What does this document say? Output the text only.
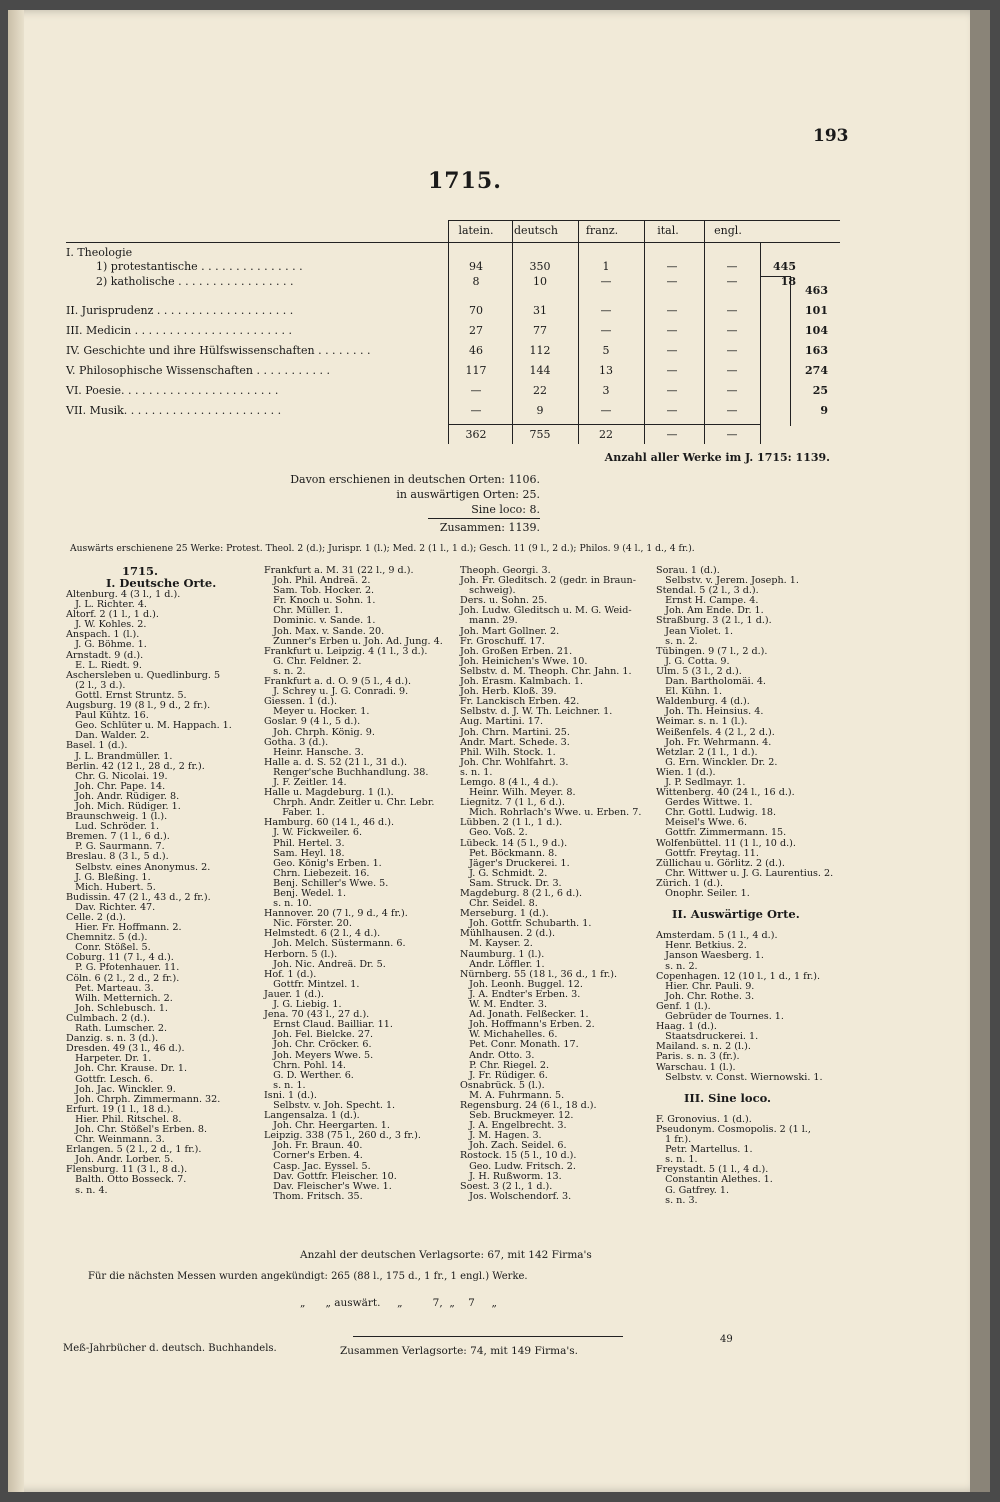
193
1715.
latein.	deutsch	franz.	ital.	engl.
I. Theologie
1) protestantische . . . . . . . . . . . . . . .	94	350	1	—	—	445
2) katholische . . . . . . . . . . . . . . . . .	8	10	—	—	—	18
463
II. Jurisprudenz . . . . . . . . . . . . . . . . . . . .	70	31	—	—	—	101
III. Medicin . . . . . . . . . . . . . . . . . . . . . . .	27	77	—	—	—	104
IV. Geschichte und ihre Hülfswissenschaften . . . . . . . .	46	112	5	—	—	163
V. Philosophische Wissenschaften . . . . . . . . . . .	117	144	13	—	—	274
VI. Poesie. . . . . . . . . . . . . . . . . . . . . . .	—	22	3	—	—	25
VII. Musik. . . . . . . . . . . . . . . . . . . . . . .	—	9	—	—	—	9
362	755	22	—	—
Anzahl aller Werke im J. 1715: 1139.
Davon erschienen in deutschen Orten: 1106.
in auswärtigen Orten: 25.
Sine loco: 8.
Zusammen: 1139.
Auswärts erschienene 25 Werke: Protest. Theol. 2 (d.); Jurispr. 1 (l.); Med. 2 (1 l., 1 d.); Gesch. 11 (9 l., 2 d.); Philos. 9 (4 l., 1 d., 4 fr.).
1715.
I. Deutsche Orte.
Altenburg. 4 (3 l., 1 d.).
J. L. Richter. 4.
Altorf. 2 (1 l., 1 d.).
J. W. Kohles. 2.
Anspach. 1 (l.).
J. G. Böhme. 1.
Arnstadt. 9 (d.).
E. L. Riedt. 9.
Aschersleben u. Quedlinburg. 5
(2 l., 3 d.).
Gottl. Ernst Struntz. 5.
Augsburg. 19 (8 l., 9 d., 2 fr.).
Paul Kühtz. 16.
Geo. Schlüter u. M. Happach. 1.
Dan. Walder. 2.
Basel. 1 (d.).
J. L. Brandmüller. 1.
Berlin. 42 (12 l., 28 d., 2 fr.).
Chr. G. Nicolai. 19.
Joh. Chr. Pape. 14.
Joh. Andr. Rüdiger. 8.
Joh. Mich. Rüdiger. 1.
Braunschweig. 1 (l.).
Lud. Schröder. 1.
Bremen. 7 (1 l., 6 d.).
P. G. Saurmann. 7.
Breslau. 8 (3 l., 5 d.).
Selbstv. eines Anonymus. 2.
J. G. Bleßing. 1.
Mich. Hubert. 5.
Budissin. 47 (2 l., 43 d., 2 fr.).
Dav. Richter. 47.
Celle. 2 (d.).
Hier. Fr. Hoffmann. 2.
Chemnitz. 5 (d.).
Conr. Stößel. 5.
Coburg. 11 (7 l., 4 d.).
P. G. Pfotenhauer. 11.
Cöln. 6 (2 l., 2 d., 2 fr.).
Pet. Marteau. 3.
Wilh. Metternich. 2.
Joh. Schlebusch. 1.
Culmbach. 2 (d.).
Rath. Lumscher. 2.
Danzig. s. n. 3 (d.).
Dresden. 49 (3 l., 46 d.).
Harpeter. Dr. 1.
Joh. Chr. Krause. Dr. 1.
Gottfr. Lesch. 6.
Joh. Jac. Winckler. 9.
Joh. Chrph. Zimmermann. 32.
Erfurt. 19 (1 l., 18 d.).
Hier. Phil. Ritschel. 8.
Joh. Chr. Stößel's Erben. 8.
Chr. Weinmann. 3.
Erlangen. 5 (2 l., 2 d., 1 fr.).
Joh. Andr. Lorber. 5.
Flensburg. 11 (3 l., 8 d.).
Balth. Otto Bosseck. 7.
s. n. 4.
Frankfurt a. M. 31 (22 l., 9 d.).
Joh. Phil. Andreä. 2.
Sam. Tob. Hocker. 2.
Fr. Knoch u. Sohn. 1.
Chr. Müller. 1.
Dominic. v. Sande. 1.
Joh. Max. v. Sande. 20.
Zunner's Erben u. Joh. Ad. Jung. 4.
Frankfurt u. Leipzig. 4 (1 l., 3 d.).
G. Chr. Feldner. 2.
s. n. 2.
Frankfurt a. d. O. 9 (5 l., 4 d.).
J. Schrey u. J. G. Conradi. 9.
Giessen. 1 (d.).
Meyer u. Hocker. 1.
Goslar. 9 (4 l., 5 d.).
Joh. Chrph. König. 9.
Gotha. 3 (d.).
Heinr. Hansche. 3.
Halle a. d. S. 52 (21 l., 31 d.).
Renger'sche Buchhandlung. 38.
J. F. Zeitler. 14.
Halle u. Magdeburg. 1 (l.).
Chrph. Andr. Zeitler u. Chr. Lebr.
Faber. 1.
Hamburg. 60 (14 l., 46 d.).
J. W. Fickweiler. 6.
Phil. Hertel. 3.
Sam. Heyl. 18.
Geo. König's Erben. 1.
Chrn. Liebezeit. 16.
Benj. Schiller's Wwe. 5.
Benj. Wedel. 1.
s. n. 10.
Hannover. 20 (7 l., 9 d., 4 fr.).
Nic. Förster. 20.
Helmstedt. 6 (2 l., 4 d.).
Joh. Melch. Süstermann. 6.
Herborn. 5 (l.).
Joh. Nic. Andreä. Dr. 5.
Hof. 1 (d.).
Gottfr. Mintzel. 1.
Jauer. 1 (d.).
J. G. Liebig. 1.
Jena. 70 (43 l., 27 d.).
Ernst Claud. Bailliar. 11.
Joh. Fel. Bielcke. 27.
Joh. Chr. Cröcker. 6.
Joh. Meyers Wwe. 5.
Chrn. Pohl. 14.
G. D. Werther. 6.
s. n. 1.
Isni. 1 (d.).
Selbstv. v. Joh. Specht. 1.
Langensalza. 1 (d.).
Joh. Chr. Heergarten. 1.
Leipzig. 338 (75 l., 260 d., 3 fr.).
Joh. Fr. Braun. 40.
Corner's Erben. 4.
Casp. Jac. Eyssel. 5.
Dav. Gottfr. Fleischer. 10.
Dav. Fleischer's Wwe. 1.
Thom. Fritsch. 35.
Theoph. Georgi. 3.
Joh. Fr. Gleditsch. 2 (gedr. in Braun-
schweig).
Ders. u. Sohn. 25.
Joh. Ludw. Gleditsch u. M. G. Weid-
mann. 29.
Joh. Mart Gollner. 2.
Fr. Groschuff. 17.
Joh. Großen Erben. 21.
Joh. Heinichen's Wwe. 10.
Selbstv. d. M. Theoph. Chr. Jahn. 1.
Joh. Erasm. Kalmbach. 1.
Joh. Herb. Kloß. 39.
Fr. Lanckisch Erben. 42.
Selbstv. d. J. W. Th. Leichner. 1.
Aug. Martini. 17.
Joh. Chrn. Martini. 25.
Andr. Mart. Schede. 3.
Phil. Wilh. Stock. 1.
Joh. Chr. Wohlfahrt. 3.
s. n. 1.
Lemgo. 8 (4 l., 4 d.).
Heinr. Wilh. Meyer. 8.
Liegnitz. 7 (1 l., 6 d.).
Mich. Rohrlach's Wwe. u. Erben. 7.
Lübben. 2 (1 l., 1 d.).
Geo. Voß. 2.
Lübeck. 14 (5 l., 9 d.).
Pet. Böckmann. 8.
Jäger's Druckerei. 1.
J. G. Schmidt. 2.
Sam. Struck. Dr. 3.
Magdeburg. 8 (2 l., 6 d.).
Chr. Seidel. 8.
Merseburg. 1 (d.).
Joh. Gottfr. Schubarth. 1.
Mühlhausen. 2 (d.).
M. Kayser. 2.
Naumburg. 1 (l.).
Andr. Löffler. 1.
Nürnberg. 55 (18 l., 36 d., 1 fr.).
Joh. Leonh. Buggel. 12.
J. A. Endter's Erben. 3.
W. M. Endter. 3.
Ad. Jonath. Felßecker. 1.
Joh. Hoffmann's Erben. 2.
W. Michahelles. 6.
Pet. Conr. Monath. 17.
Andr. Otto. 3.
P. Chr. Riegel. 2.
J. Fr. Rüdiger. 6.
Osnabrück. 5 (l.).
M. A. Fuhrmann. 5.
Regensburg. 24 (6 l., 18 d.).
Seb. Bruckmeyer. 12.
J. A. Engelbrecht. 3.
J. M. Hagen. 3.
Joh. Zach. Seidel. 6.
Rostock. 15 (5 l., 10 d.).
Geo. Ludw. Fritsch. 2.
J. H. Rußworm. 13.
Soest. 3 (2 l., 1 d.).
Jos. Wolschendorf. 3.
Sorau. 1 (d.).
Selbstv. v. Jerem. Joseph. 1.
Stendal. 5 (2 l., 3 d.).
Ernst H. Campe. 4.
Joh. Am Ende. Dr. 1.
Straßburg. 3 (2 l., 1 d.).
Jean Violet. 1.
s. n. 2.
Tübingen. 9 (7 l., 2 d.).
J. G. Cotta. 9.
Ulm. 5 (3 l., 2 d.).
Dan. Bartholomäi. 4.
El. Kühn. 1.
Waldenburg. 4 (d.).
Joh. Th. Heinsius. 4.
Weimar. s. n. 1 (l.).
Weißenfels. 4 (2 l., 2 d.).
Joh. Fr. Wehrmann. 4.
Wetzlar. 2 (1 l., 1 d.).
G. Ern. Winckler. Dr. 2.
Wien. 1 (d.).
J. P. Sedlmayr. 1.
Wittenberg. 40 (24 l., 16 d.).
Gerdes Wittwe. 1.
Chr. Gottl. Ludwig. 18.
Meisel's Wwe. 6.
Gottfr. Zimmermann. 15.
Wolfenbüttel. 11 (1 l., 10 d.).
Gottfr. Freytag. 11.
Züllichau u. Görlitz. 2 (d.).
Chr. Wittwer u. J. G. Laurentius. 2.
Zürich. 1 (d.).
Onophr. Seiler. 1.
II. Auswärtige Orte.
Amsterdam. 5 (1 l., 4 d.).
Henr. Betkius. 2.
Janson Waesberg. 1.
s. n. 2.
Copenhagen. 12 (10 l., 1 d., 1 fr.).
Hier. Chr. Pauli. 9.
Joh. Chr. Rothe. 3.
Genf. 1 (l.).
Gebrüder de Tournes. 1.
Haag. 1 (d.).
Staatsdruckerei. 1.
Mailand. s. n. 2 (l.).
Paris. s. n. 3 (fr.).
Warschau. 1 (l.).
Selbstv. v. Const. Wiernowski. 1.
III. Sine loco.
F. Gronovius. 1 (d.).
Pseudonym. Cosmopolis. 2 (1 l.,
1 fr.).
Petr. Martellus. 1.
s. n. 1.
Freystadt. 5 (1 l., 4 d.).
Constantin Alethes. 1.
G. Gatfrey. 1.
s. n. 3.

Anzahl der deutschen Verlagsorte: 67, mit 142 Firma's

„      „ auswärt.     „         7,  „    7     „

Zusammen Verlagsorte: 74, mit 149 Firma's.

Für die nächsten Messen wurden angekündigt: 265 (88 l., 175 d., 1 fr., 1 engl.) Werke.
Meß-Jahrbücher d. deutsch. Buchhandels.
49
